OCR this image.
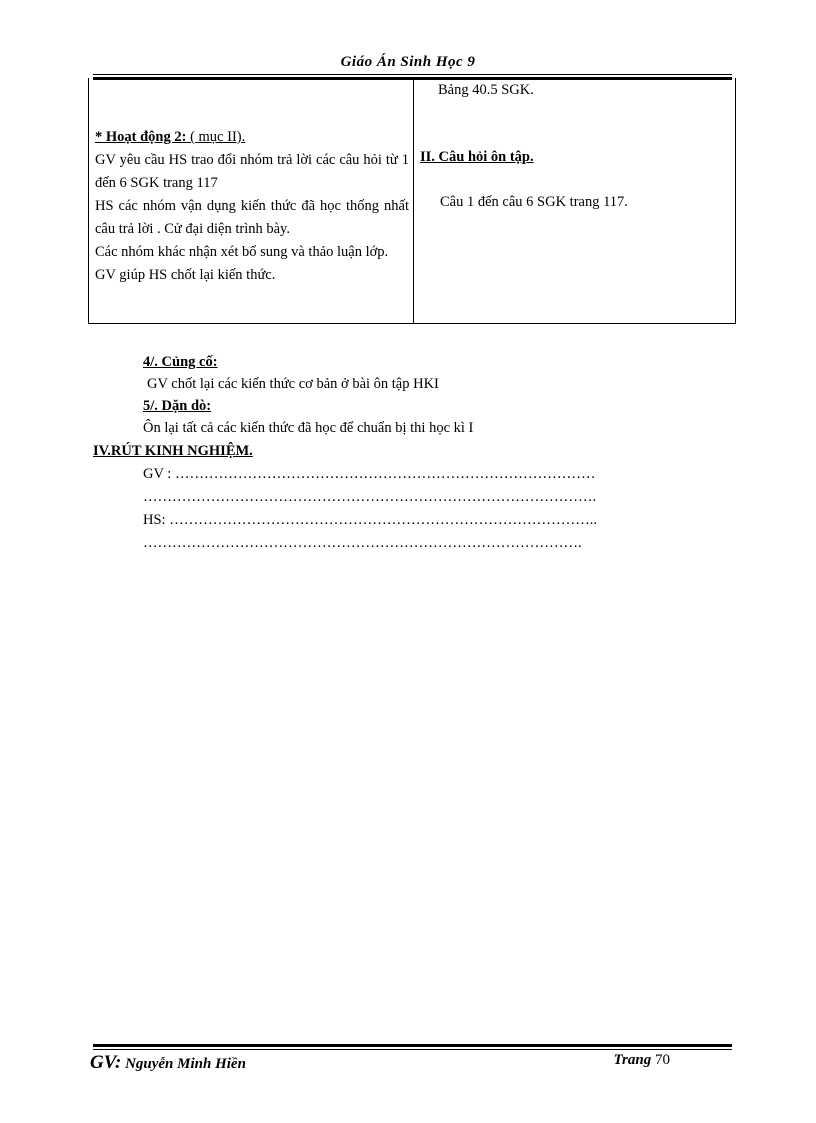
Giáo Án Sinh Học 9

* Hoạt động 2: ( mục II).

GV yêu cầu HS trao đổi nhóm trả lời các câu hỏi từ 1 đến 6 SGK trang 117

HS các nhóm vận dụng kiến thức đã học thống nhất câu trả lời . Cử đại diện trình bày.

Các nhóm khác nhận xét bổ sung và thảo luận lớp.

GV giúp HS chốt lại kiến thức.

Bảng 40.5 SGK.
II. Câu hỏi ôn tập.
Câu 1 đến câu 6 SGK trang 117.
4/. Củng cố:
GV chốt lại các kiến thức cơ bản ở bài ôn tập HKI
5/. Dặn dò:
Ôn lại tất cả các kiến thức đã học để chuẩn bị thi học kì I
IV.RÚT KINH NGHIỆM.
GV : ……………………………………………………………………………
………………………………………………………………………………….
HS: ……………………………………………………………………………..
……………………………………………………………………………….
GV: Nguyễn Minh Hiền	Trang 70
